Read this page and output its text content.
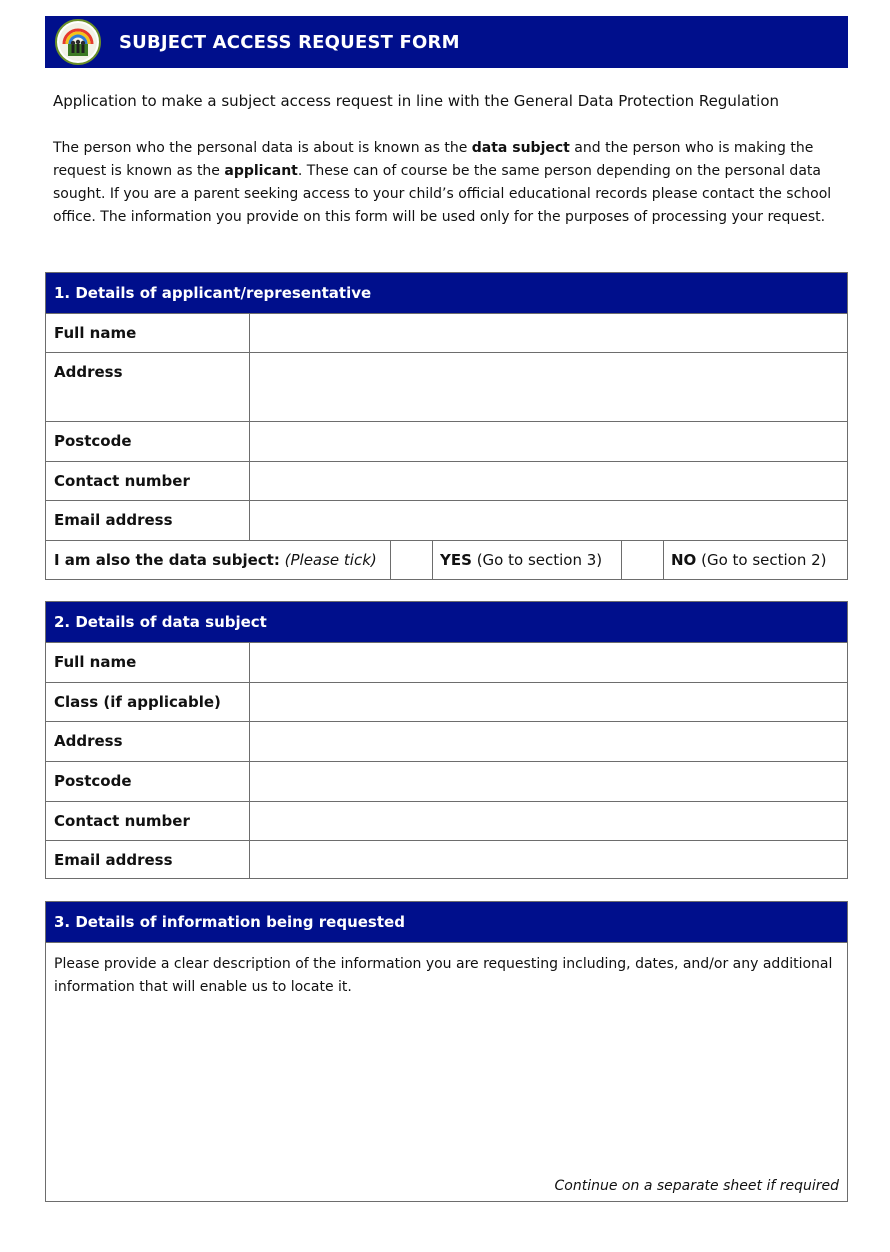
SUBJECT ACCESS REQUEST FORM
Application to make a subject access request in line with the General Data Protection Regulation
The person who the personal data is about is known as the data subject and the person who is making the request is known as the applicant. These can of course be the same person depending on the personal data sought. If you are a parent seeking access to your child’s official educational records please contact the school office. The information you provide on this form will be used only for the purposes of processing your request.
1. Details of applicant/representative
Full name
Address
Postcode
Contact number
Email address
I am also the data subject:
(Please tick)	YES
(Go to section 3)	NO
(Go to section 2)
2. Details of data subject
Full name
Class (if applicable)
Address
Postcode
Contact number
Email address
3. Details of information being requested
Please provide a clear description of the information you are requesting including, dates, and/or any additional information that will enable us to locate it.
Continue on a separate sheet if required
